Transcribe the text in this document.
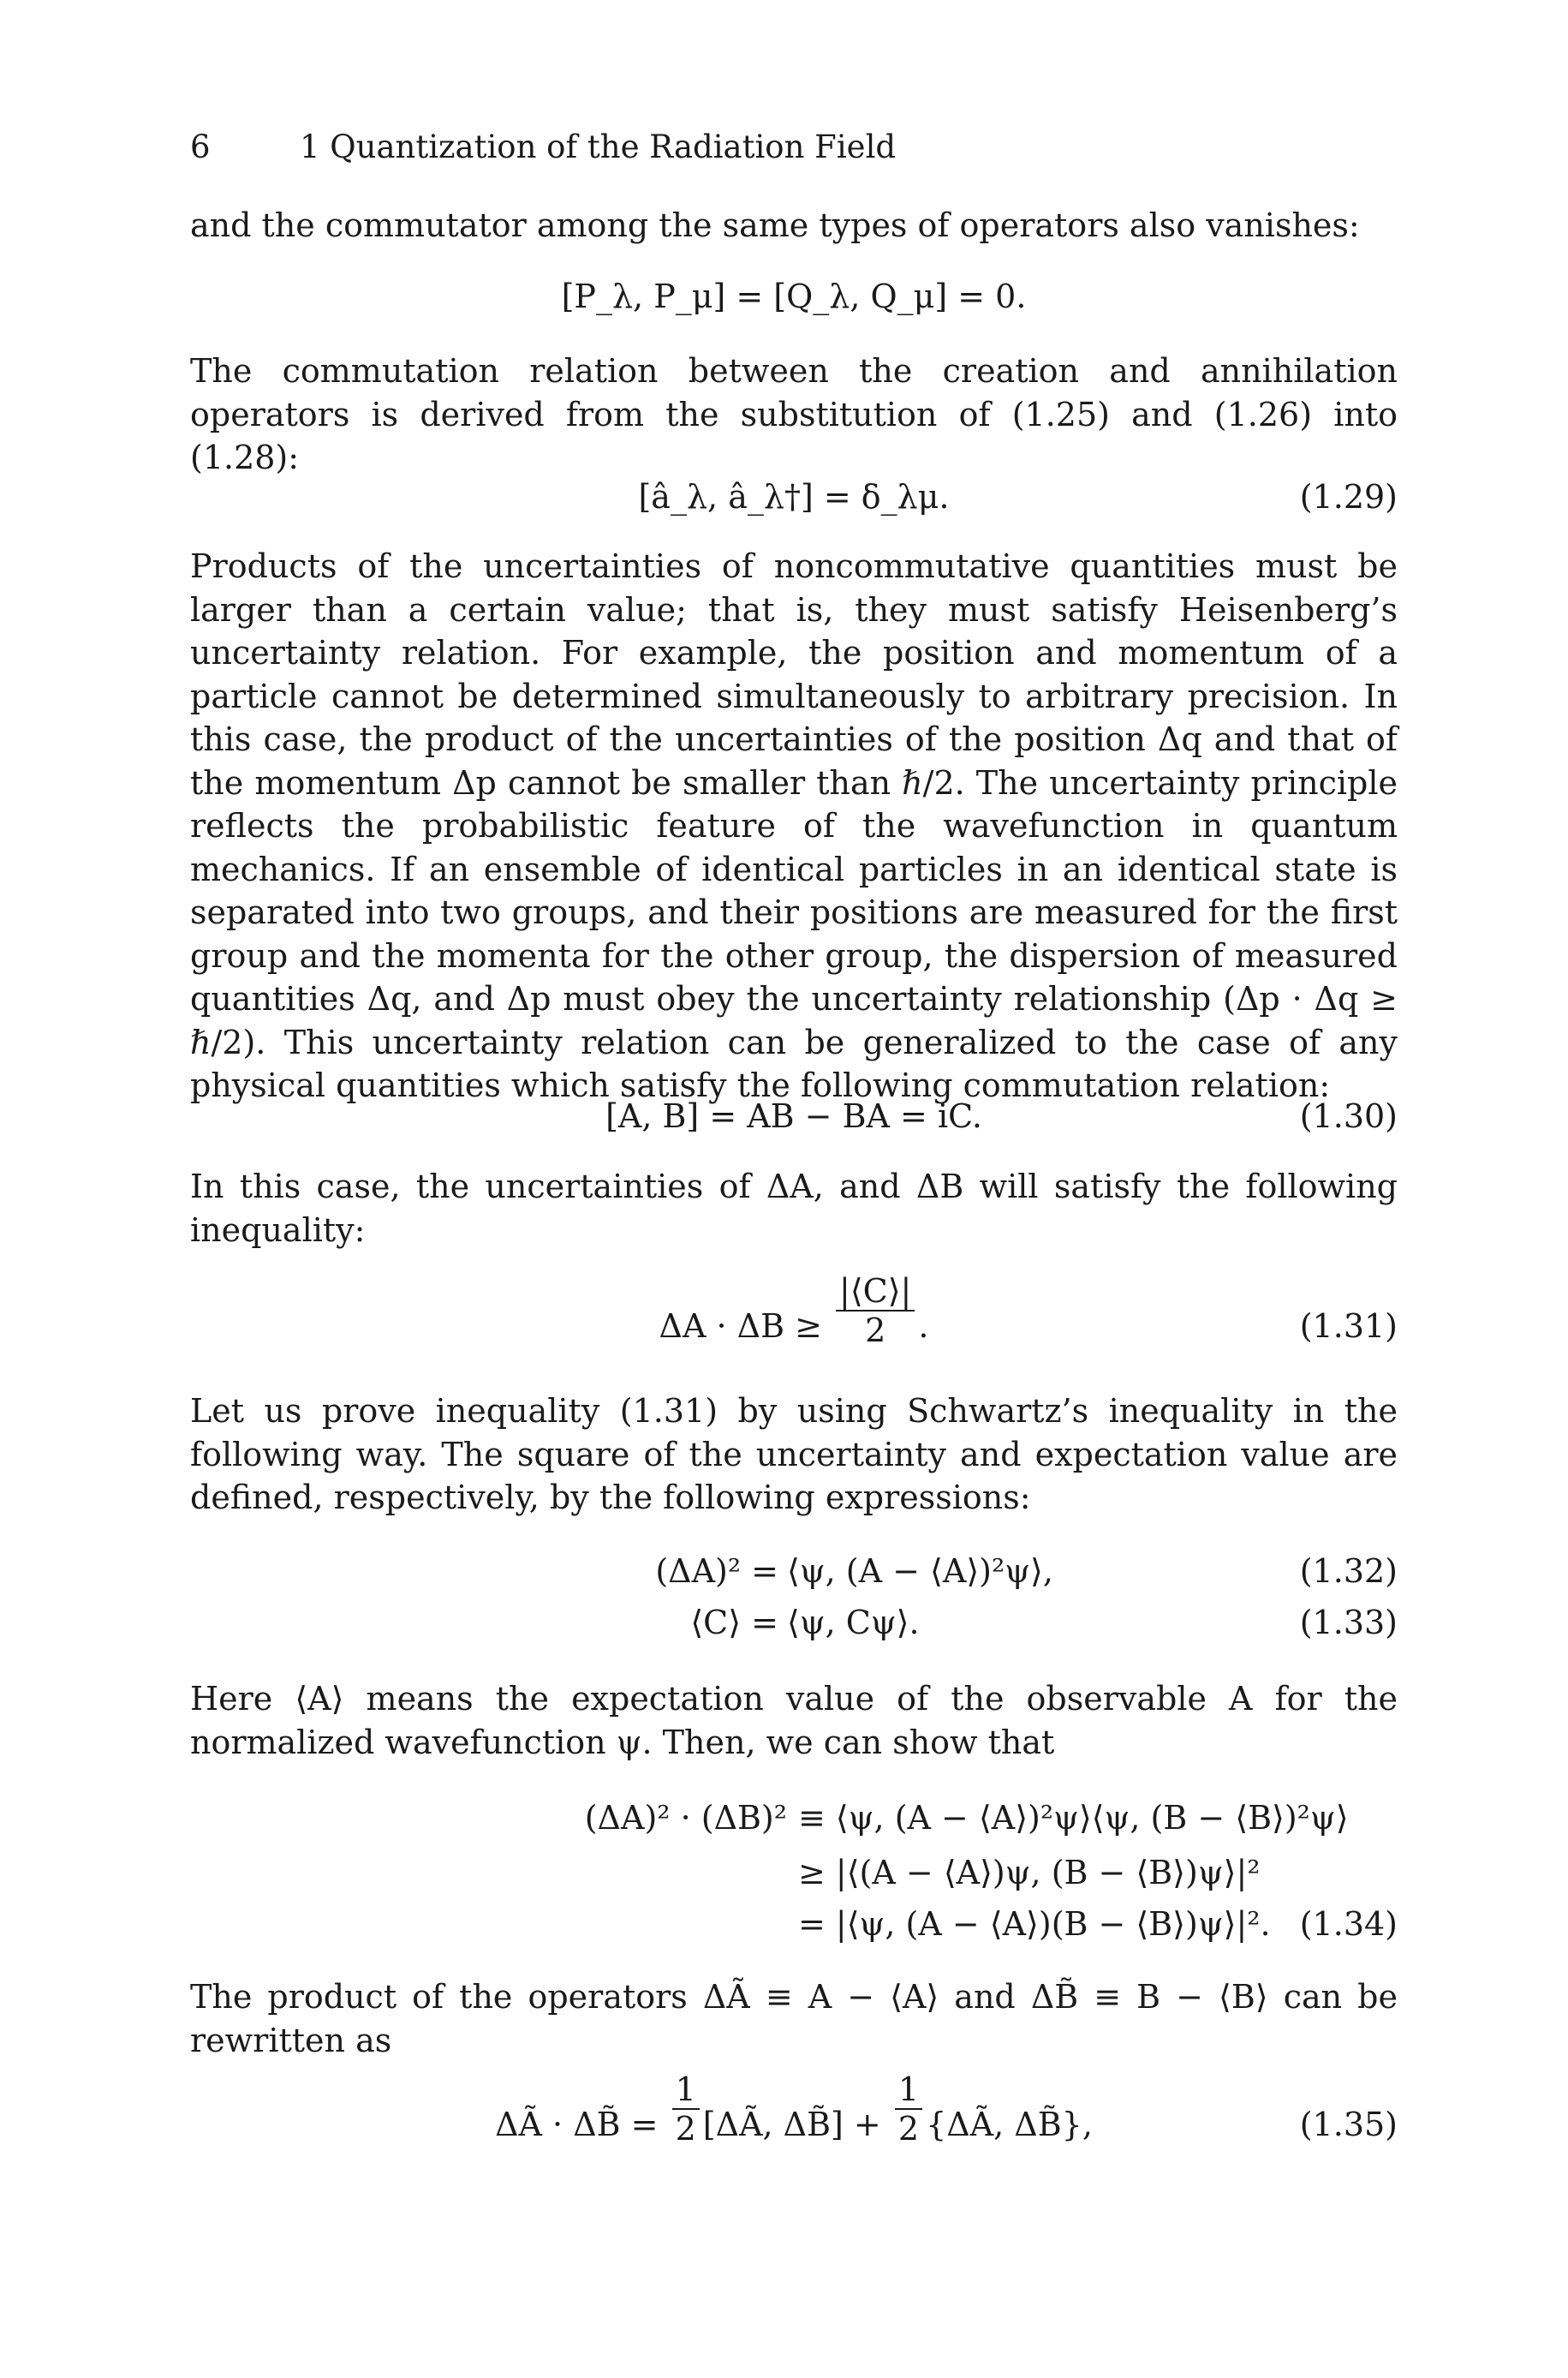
6	1 Quantization of the Radiation Field

and the commutator among the same types of operators also vanishes:

[P_λ, P_μ] = [Q_λ, Q_μ] = 0.

The commutation relation between the creation and annihilation operators is derived from the substitution of (1.25) and (1.26) into (1.28):

[â_λ, â_λ†] = δ_λμ.	(1.29)

Products of the uncertainties of noncommutative quantities must be larger than a certain value; that is, they must satisfy Heisenberg’s uncertainty relation. For example, the position and momentum of a particle cannot be determined simultaneously to arbitrary precision. In this case, the product of the uncertainties of the position Δq and that of the momentum Δp cannot be smaller than ℏ/2. The uncertainty principle reflects the probabilistic feature of the wavefunction in quantum mechanics. If an ensemble of identical particles in an identical state is separated into two groups, and their positions are measured for the first group and the momenta for the other group, the dispersion of measured quantities Δq, and Δp must obey the uncertainty relationship (Δp · Δq ≥ ℏ/2). This uncertainty relation can be generalized to the case of any physical quantities which satisfy the following commutation relation:

[A, B] = AB − BA = iC.	(1.30)

In this case, the uncertainties of ΔA, and ΔB will satisfy the following inequality:

$\Delta A \cdot \Delta B \ge \frac{|⟨C⟩|}{2}$ .	(1.31)

Let us prove inequality (1.31) by using Schwartz’s inequality in the following way. The square of the uncertainty and expectation value are defined, respectively, by the following expressions:

(ΔA)² = ⟨ψ, (A − ⟨A⟩)²ψ⟩,	(1.32)
⟨C⟩ = ⟨ψ, Cψ⟩.	(1.33)

Here ⟨A⟩ means the expectation value of the observable A for the normalized wavefunction ψ. Then, we can show that

(ΔA)² · (ΔB)² ≡ ⟨ψ, (A − ⟨A⟩)²ψ⟩⟨ψ, (B − ⟨B⟩)²ψ⟩
≥ |⟨(A − ⟨A⟩)ψ, (B − ⟨B⟩)ψ⟩|²
= |⟨ψ, (A − ⟨A⟩)(B − ⟨B⟩)ψ⟩|². (1.34)

The product of the operators ΔÃ ≡ A − ⟨A⟩ and ΔB̃ ≡ B − ⟨B⟩ can be rewritten as

ΔÃ · ΔB̃ = $\frac{1}{2}$ [ΔÃ, ΔB̃] + $\frac{1}{2}$ {ΔÃ, ΔB̃},	(1.35)
